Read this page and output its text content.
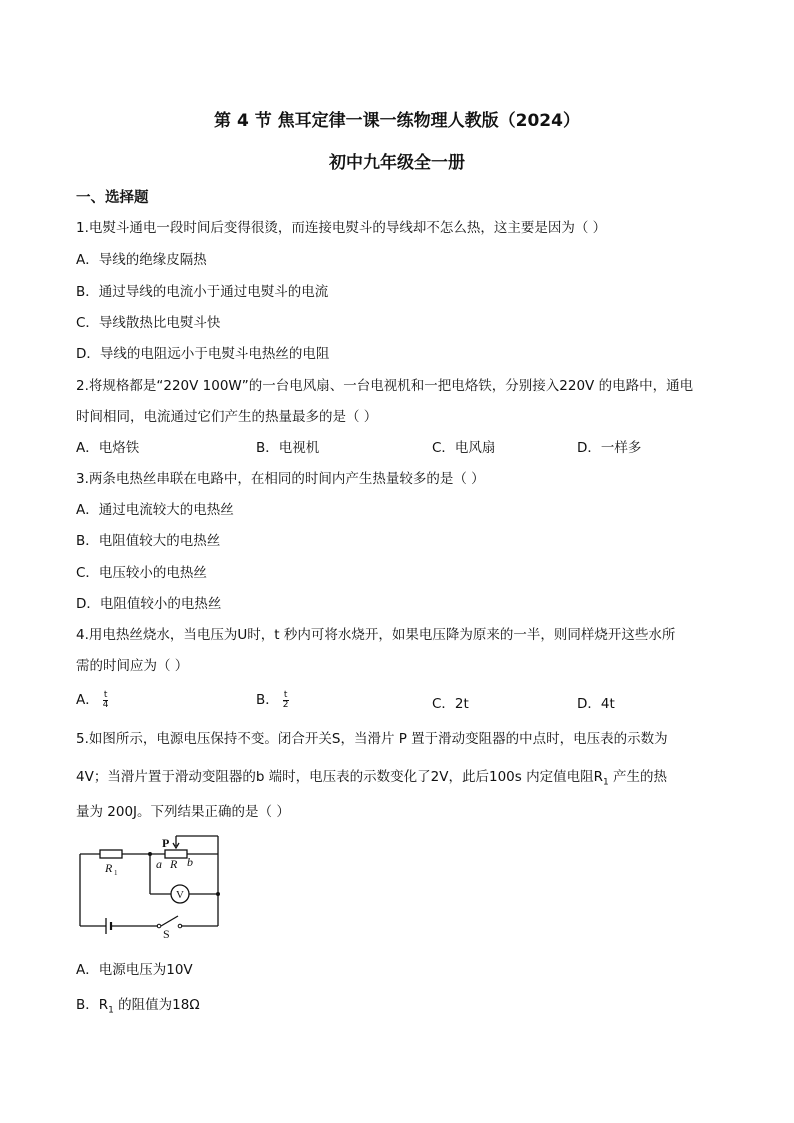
第 4 节 焦耳定律一课一练物理人教版（2024）
初中九年级全一册
一、选择题
1.电熨斗通电一段时间后变得很烫，而连接电熨斗的导线却不怎么热，这主要是因为（ ）
A．导线的绝缘皮隔热
B．通过导线的电流小于通过电熨斗的电流
C．导线散热比电熨斗快
D．导线的电阻远小于电熨斗电热丝的电阻
2.将规格都是“220V 100W”的一台电风扇、一台电视机和一把电烙铁，分别接入220V 的电路中，通电
时间相同，电流通过它们产生的热量最多的是（ ）
A．电烙铁	B．电视机	C．电风扇	D．一样多
3.两条电热丝串联在电路中，在相同的时间内产生热量较多的是（ ）
A．通过电流较大的电热丝
B．电阻值较大的电热丝
C．电压较小的电热丝
D．电阻值较小的电热丝
4.用电热丝烧水，当电压为U时，t 秒内可将水烧开，如果电压降为原来的一半，则同样烧开这些水所
需的时间应为（ ）
A． $\frac{t}{4}$	B． $\frac{t}{2}$	C．2t	D．4t
5.如图所示，电源电压保持不变。闭合开关S，当滑片 P 置于滑动变阻器的中点时，电压表的示数为
4V；当滑片置于滑动变阻器的b 端时，电压表的示数变化了2V，此后100s 内定值电阻$R_1$ 产生的热
量为 200J。下列结果正确的是（ ）
P
a R b
R 1
V
S
A．电源电压为10V
B．$R_1$ 的阻值为18Ω
